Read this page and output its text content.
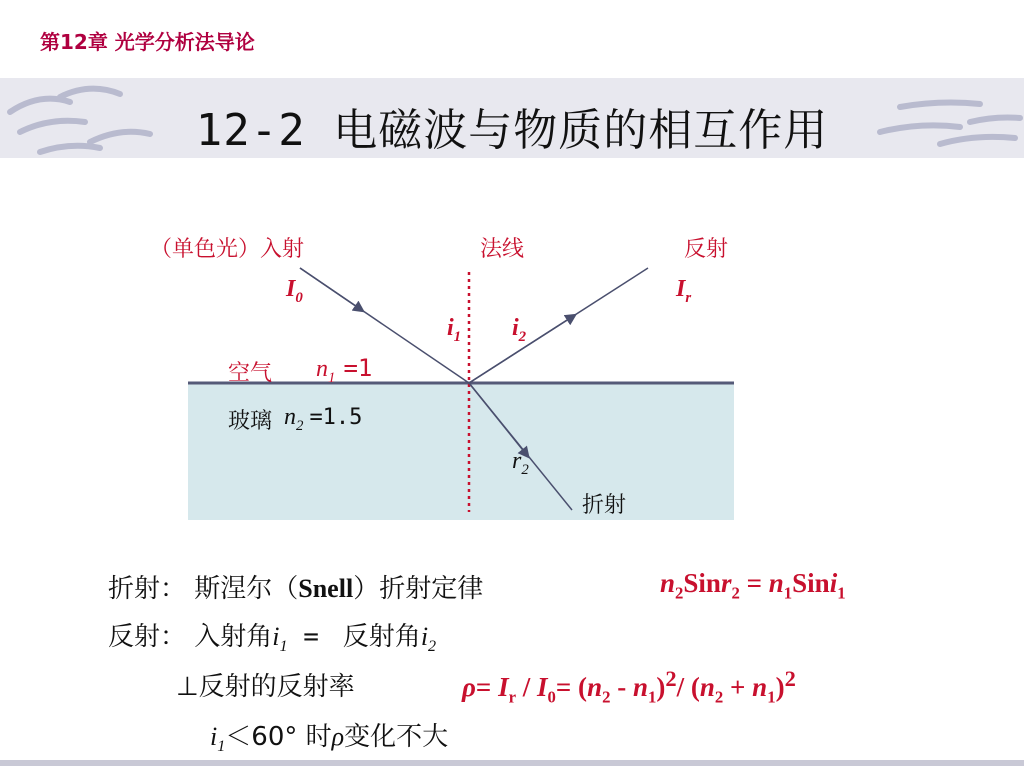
第12章 光学分析法导论
12-2 电磁波与物质的相互作用
（单色光）入射	法线	反射
$I_0$	$I_r$
$i_1$ $i_2$
空气 $n_1 =1$
玻璃 $n_2 =1.5$
$r_2$
折射
折射： 斯涅尔（Snell）折射定律	$n_2Sinr_2$ = $n_1Sini_1$
反射： 入射角$i_1$ =  反射角$i_2$
⊥反射的反射率	$\rho= I_r / I_0= (n_2 - n_1)^2/$ $(n_2 + n_1)^2$
$i_1<60^\circ$ 时ρ变化不大
